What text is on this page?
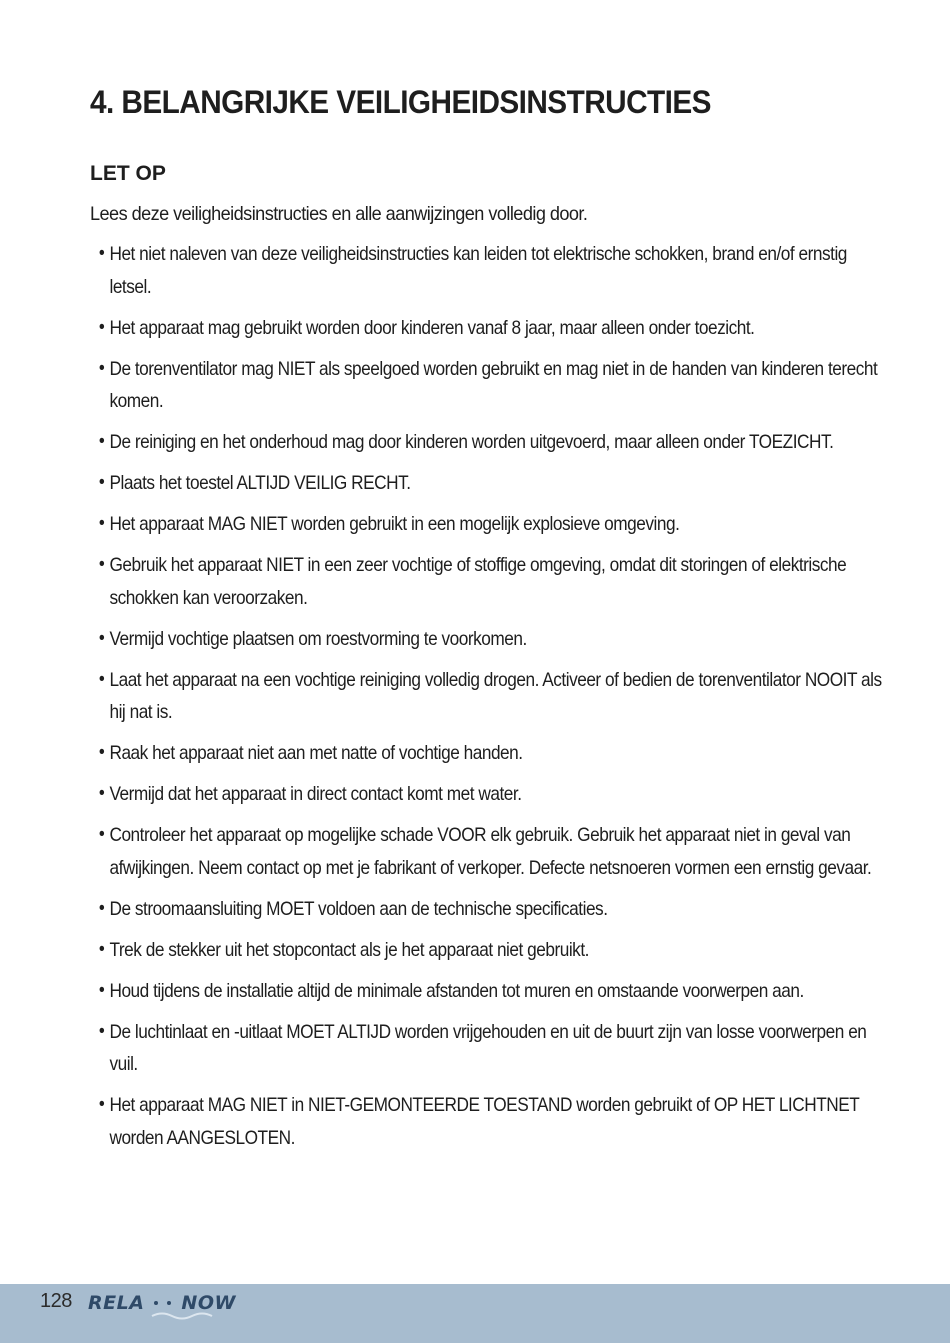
4. BELANGRIJKE VEILIGHEIDSINSTRUCTIES
LET OP

Lees deze veiligheidsinstructies en alle aanwijzingen volledig door.

• Het niet naleven van deze veiligheidsinstructies kan leiden tot elektrische schokken, brand en/of ernstig letsel.
• Het apparaat mag gebruikt worden door kinderen vanaf 8 jaar, maar alleen onder toezicht.
• De torenventilator mag NIET als speelgoed worden gebruikt en mag niet in de handen van kinderen terecht komen.
• De reiniging en het onderhoud mag door kinderen worden uitgevoerd, maar alleen onder TOEZICHT.
• Plaats het toestel ALTIJD VEILIG RECHT.
• Het apparaat MAG NIET worden gebruikt in een mogelijk explosieve omgeving.
• Gebruik het apparaat NIET in een zeer vochtige of stoffige omgeving, omdat dit storingen of elektrische schokken kan veroorzaken.
• Vermijd vochtige plaatsen om roestvorming te voorkomen.
• Laat het apparaat na een vochtige reiniging volledig drogen. Activeer of bedien de torenventilator NOOIT als hij nat is.
• Raak het apparaat niet aan met natte of vochtige handen.
• Vermijd dat het apparaat in direct contact komt met water.
• Controleer het apparaat op mogelijke schade VOOR elk gebruik. Gebruik het apparaat niet in geval van afwijkingen. Neem contact op met je fabrikant of verkoper. Defecte netsnoeren vormen een ernstig gevaar.
• De stroomaansluiting MOET voldoen aan de technische specificaties.
• Trek de stekker uit het stopcontact als je het apparaat niet gebruikt.
• Houd tijdens de installatie altijd de minimale afstanden tot muren en omstaande voorwerpen aan.
• De luchtinlaat en -uitlaat MOET ALTIJD worden vrijgehouden en uit de buurt zijn van losse voorwerpen en vuil.
• Het apparaat MAG NIET in NIET-GEMONTEERDE TOESTAND worden gebruikt of OP HET LICHTNET worden AANGESLOTEN.
128 RELA NOW
